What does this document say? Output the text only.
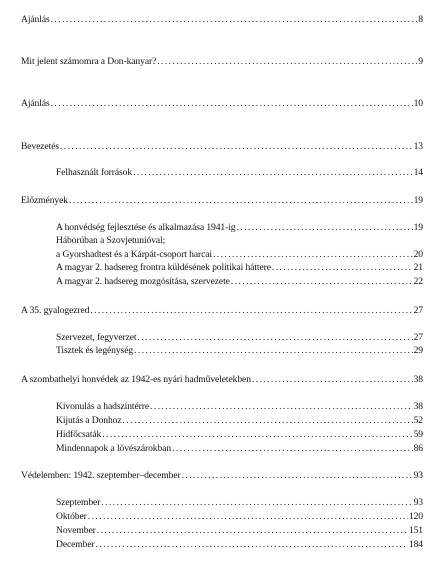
Ajánlás .....	8
Mit jelent számomra a Don-kanyar? .....	9
Ajánlás .....	10
Bevezetés .....	13
Felhasznált források .....	14
Előzmények .....	19
A honvédség fejlesztése és alkalmazása 1941-ig .....	19
Háborúban a Szovjetunióval;
a Gyorshadtest és a Kárpát-csoport harcai .....	20
A magyar 2. hadsereg frontra küldésének politikai háttere .....	21
A magyar 2. hadsereg mozgósítása, szervezete .....	22
A 35. gyalogezred .....	27
Szervezet, fegyverzet .....	27
Tisztek és legénység .....	29
A szombathelyi honvédek az 1942-es nyári hadműveletekben .....	38
Kivonulás a hadszíntérre .....	38
Kijutás a Donhoz .....	52
Hídfőcsaták .....	59
Mindennapok a lövészárokban .....	86
Védelemben: 1942. szeptember–december .....	93
Szeptember .....	93
Október .....	120
November .....	151
December .....	184
